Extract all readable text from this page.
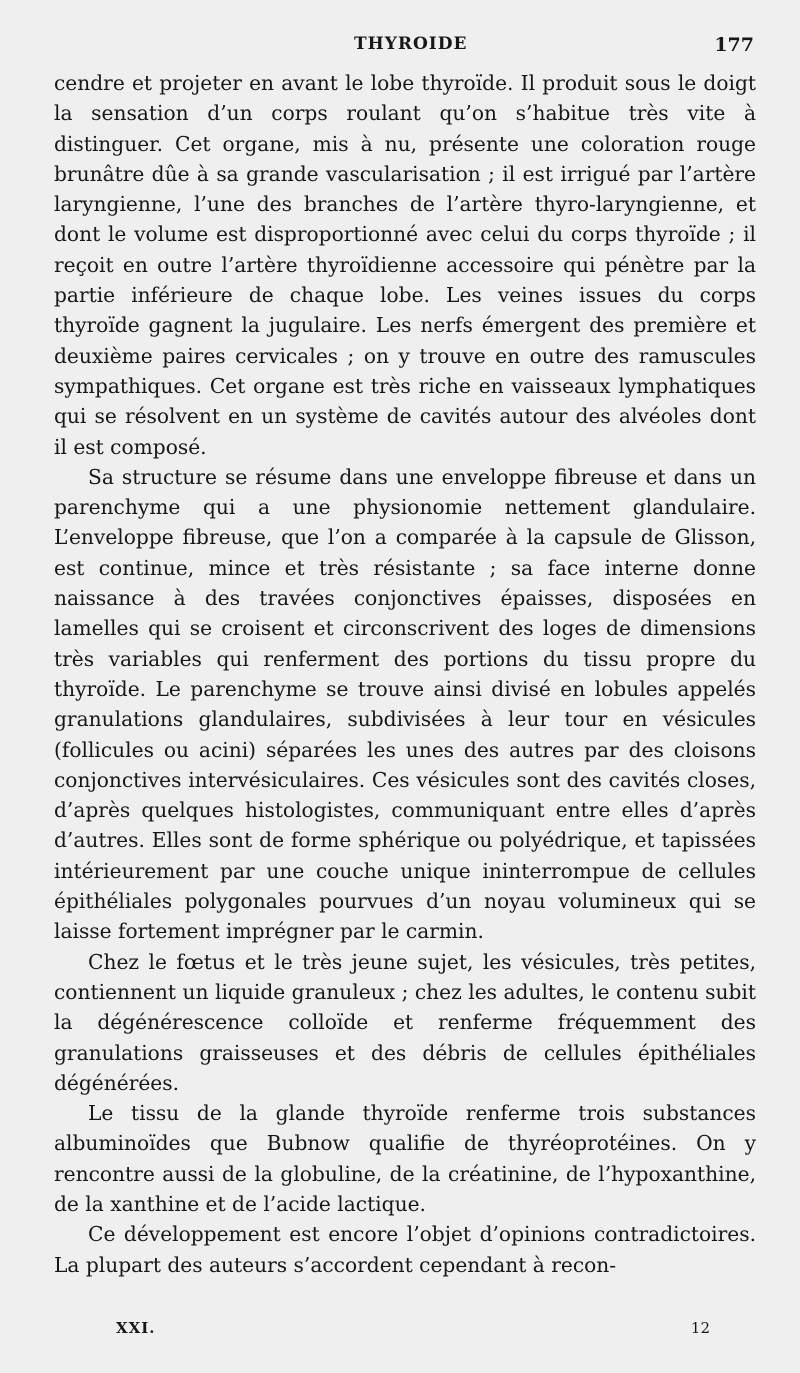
THYROIDE	177

cendre et projeter en avant le lobe thyroïde. Il produit sous le doigt la sensation d’un corps roulant qu’on s’habitue très vite à distinguer. Cet organe, mis à nu, présente une coloration rouge brunâtre dûe à sa grande vascularisation ; il est irrigué par l’artère laryngienne, l’une des branches de l’artère thyro-laryngienne, et dont le volume est disproportionné avec celui du corps thyroïde ; il reçoit en outre l’artère thyroïdienne accessoire qui pénètre par la partie inférieure de chaque lobe. Les veines issues du corps thyroïde gagnent la jugulaire. Les nerfs émergent des première et deuxième paires cervicales ; on y trouve en outre des ramuscules sympathiques. Cet organe est très riche en vaisseaux lymphatiques qui se résolvent en un système de cavités autour des alvéoles dont il est composé.

Sa structure se résume dans une enveloppe fibreuse et dans un parenchyme qui a une physionomie nettement glandulaire. L’enveloppe fibreuse, que l’on a comparée à la capsule de Glisson, est continue, mince et très résistante ; sa face interne donne naissance à des travées conjonctives épaisses, disposées en lamelles qui se croisent et circonscrivent des loges de dimensions très variables qui renferment des portions du tissu propre du thyroïde. Le parenchyme se trouve ainsi divisé en lobules appelés granulations glandulaires, subdivisées à leur tour en vésicules (follicules ou acini) séparées les unes des autres par des cloisons conjonctives intervésiculaires. Ces vésicules sont des cavités closes, d’après quelques histologistes, communiquant entre elles d’après d’autres. Elles sont de forme sphérique ou polyédrique, et tapissées intérieurement par une couche unique ininterrompue de cellules épithéliales polygonales pourvues d’un noyau volumineux qui se laisse fortement imprégner par le carmin.

Chez le fœtus et le très jeune sujet, les vésicules, très petites, contiennent un liquide granuleux ; chez les adultes, le contenu subit la dégénérescence colloïde et renferme fréquemment des granulations graisseuses et des débris de cellules épithéliales dégénérées.

Le tissu de la glande thyroïde renferme trois substances albuminoïdes que Bubnow qualifie de thyréoprotéines. On y rencontre aussi de la globuline, de la créatinine, de l’hypoxanthine, de la xanthine et de l’acide lactique.

Ce développement est encore l’objet d’opinions contradictoires. La plupart des auteurs s’accordent cependant à recon-

XXI.	12
